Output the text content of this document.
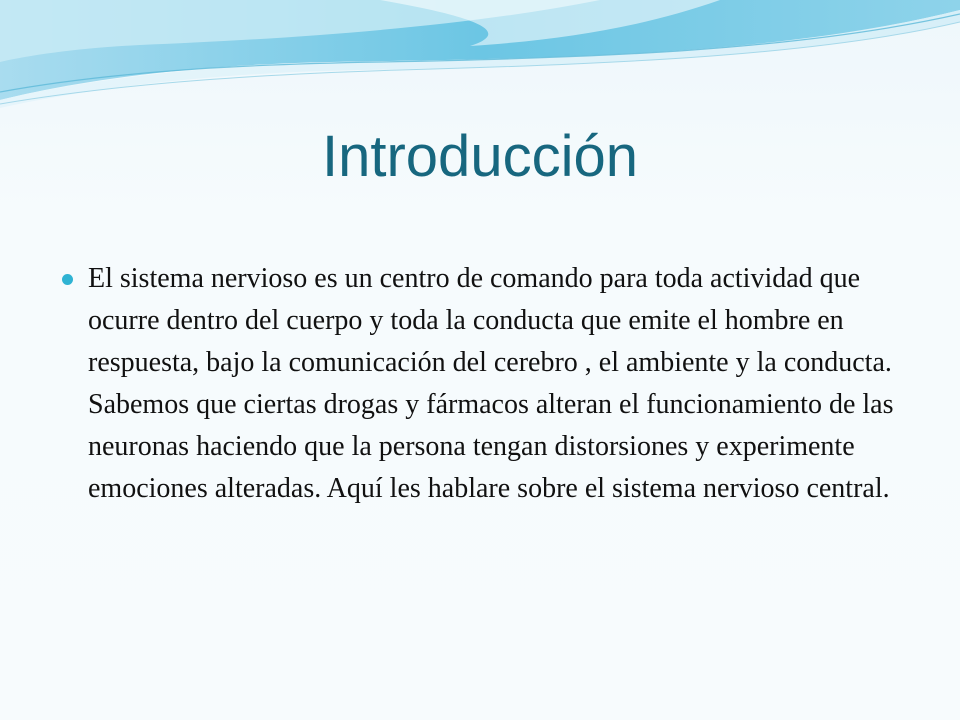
Introducción
El sistema nervioso es un centro de comando para toda actividad que ocurre dentro del cuerpo y toda la conducta que emite el hombre en respuesta, bajo la comunicación del cerebro , el ambiente y la conducta. Sabemos que ciertas drogas y fármacos alteran el funcionamiento de las neuronas haciendo que la persona tengan distorsiones y experimente emociones alteradas. Aquí les hablare sobre el sistema nervioso central.
